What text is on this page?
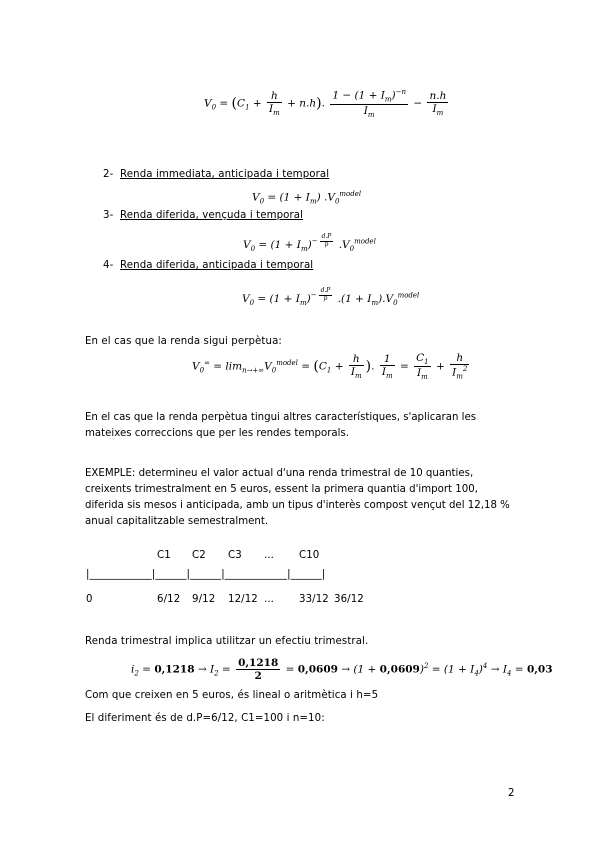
$V_0 = (C_1 + \frac{h}{I_m} + n.h)$. $\frac{1 - (1 + I_m)^{-n}}{I_m} - \frac{n.h}{I_m}$
2- Renda immediata, anticipada i temporal
$V_0 = (1 + I_m)$ $.V_0^{model}$
3- Renda diferida, vençuda i temporal
$V_0 = (1 + I_m)^{- \frac{d.P}{p}}$ $.V_0^{model}$
4- Renda diferida, anticipada i temporal
$V_0 = (1 + I_m)^{- \frac{d.P}{p}}$ $.(1 + I_m).V_0^{model}$
En el cas que la renda sigui perpètua:
$V_0^\infty = \lim_{n\to+\infty}V_0^{model} = (C_1 + \frac{h}{I_m}$ ). $\frac{1}{I_m} = \frac{C_1}{I_m} + \frac{h}{I_m^2}$
En el cas que la renda perpètua tingui altres característiques, s'aplicaran les mateixes correccions que per les rendes temporals.
EXEMPLE: determineu el valor actual d'una renda trimestral de 10 quanties, creixents trimestralment en 5 euros, essent la primera quantia d'import 100, diferida sis mesos i anticipada, amb un tipus d'interès compost vençut del 12,18 % anual capitalitzable semestralment.
C1 C2 C3 ... C10
|____________|______|______|____________|______|
0	6/12 9/12 12/12 ... 33/12 36/12
Renda trimestral implica utilitzar un efectiu trimestral.
$i_2 = 0,1218 \to I_2 = \frac{0,1218}{2} = 0,0609 \to (1 + 0,0609)^2 = (1 + I_4)^4 \to I_4 = 0,03$
Com que creixen en 5 euros, és lineal o aritmètica i h=5
El diferiment és de d.P=6/12, C1=100 i n=10:
2
